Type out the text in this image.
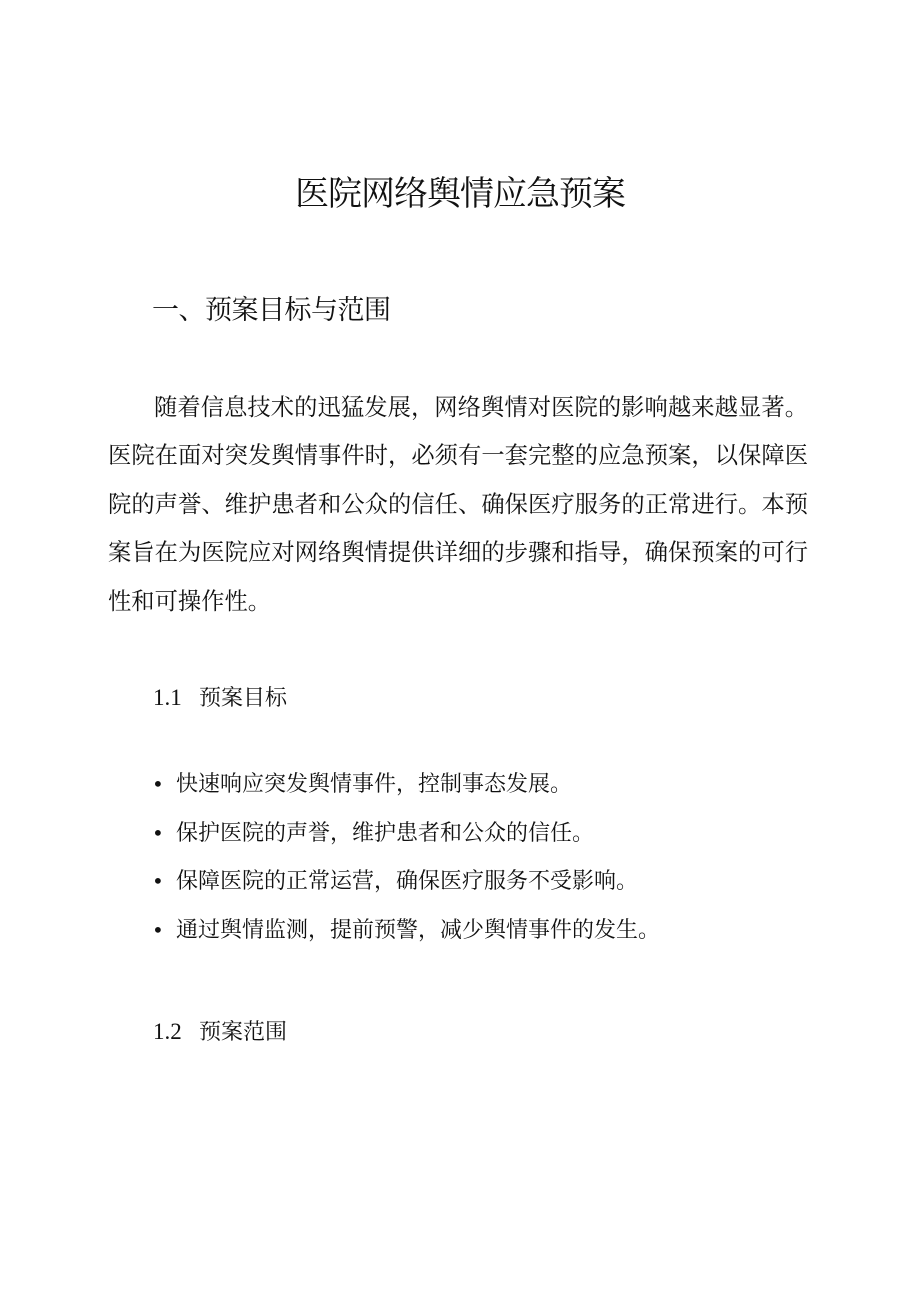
医院网络舆情应急预案
一、预案目标与范围

随着信息技术的迅猛发展，网络舆情对医院的影响越来越显著。医院在面对突发舆情事件时，必须有一套完整的应急预案，以保障医院的声誉、维护患者和公众的信任、确保医疗服务的正常进行。本预案旨在为医院应对网络舆情提供详细的步骤和指导，确保预案的可行性和可操作性。

1.1 预案目标
• 快速响应突发舆情事件，控制事态发展。
• 保护医院的声誉，维护患者和公众的信任。
• 保障医院的正常运营，确保医疗服务不受影响。
• 通过舆情监测，提前预警，减少舆情事件的发生。
1.2 预案范围
